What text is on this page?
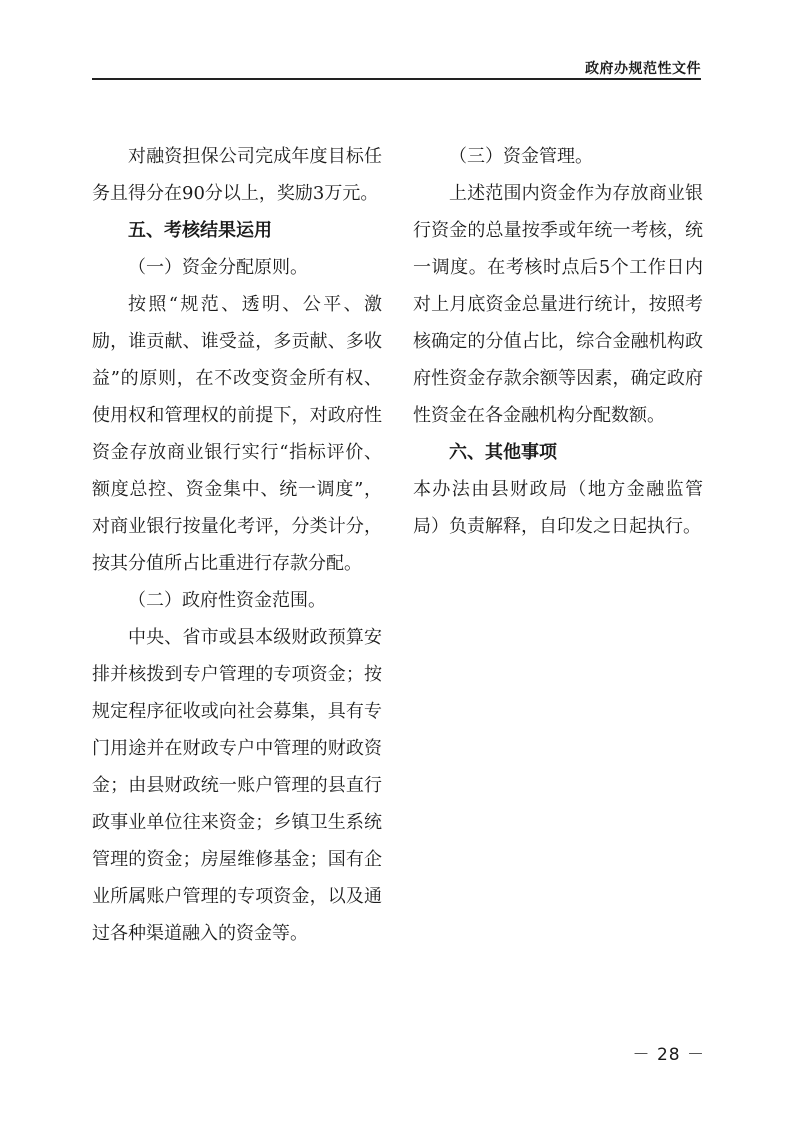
政府办规范性文件

对融资担保公司完成年度目标任务且得分在90分以上，奖励3万元。

五、考核结果运用

（一）资金分配原则。

按照“规范、透明、公平、激励，谁贡献、谁受益，多贡献、多收益”的原则，在不改变资金所有权、使用权和管理权的前提下，对政府性资金存放商业银行实行“指标评价、额度总控、资金集中、统一调度”，对商业银行按量化考评，分类计分，按其分值所占比重进行存款分配。

（二）政府性资金范围。

中央、省市或县本级财政预算安排并核拨到专户管理的专项资金；按规定程序征收或向社会募集，具有专门用途并在财政专户中管理的财政资金；由县财政统一账户管理的县直行政事业单位往来资金；乡镇卫生系统管理的资金；房屋维修基金；国有企业所属账户管理的专项资金，以及通过各种渠道融入的资金等。

（三）资金管理。

上述范围内资金作为存放商业银行资金的总量按季或年统一考核，统一调度。在考核时点后5个工作日内对上月底资金总量进行统计，按照考核确定的分值占比，综合金融机构政府性资金存款余额等因素，确定政府性资金在各金融机构分配数额。

六、其他事项

本办法由县财政局（地方金融监管局）负责解释，自印发之日起执行。

－ 28 －
